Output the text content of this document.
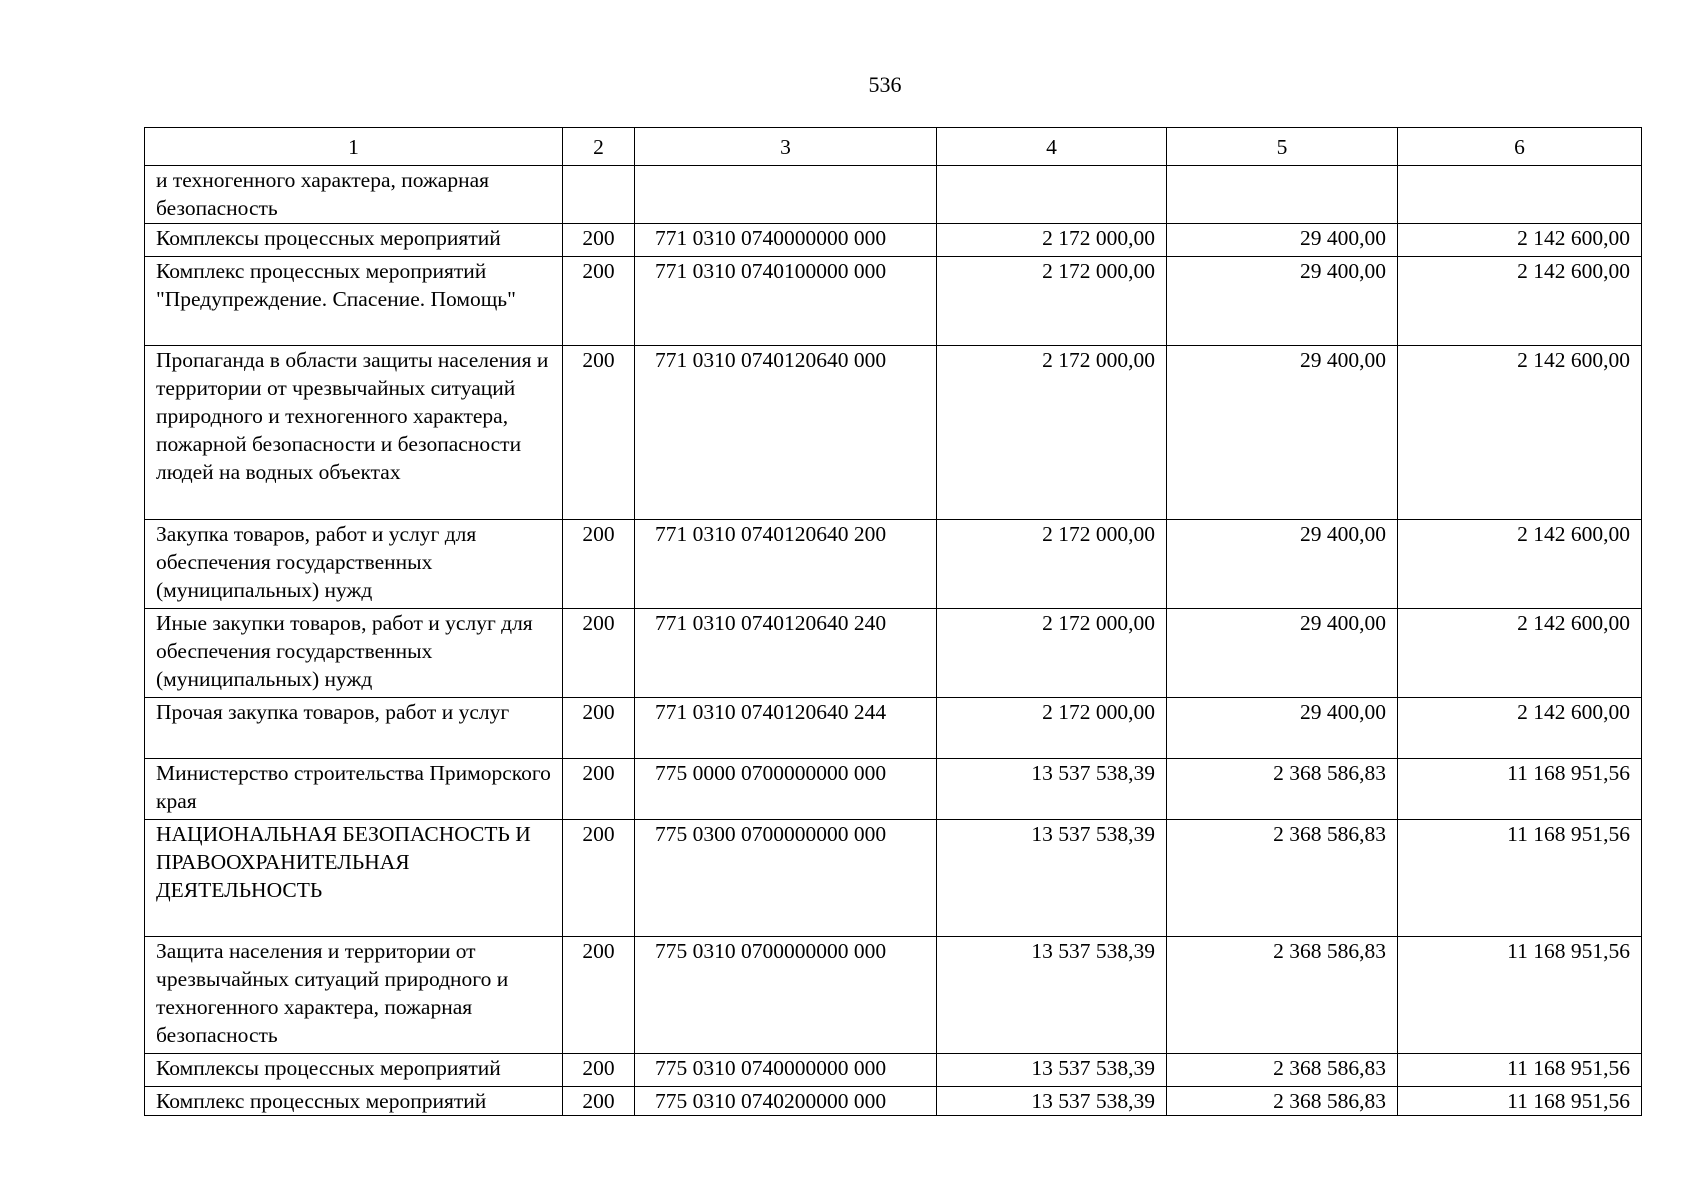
536
1	2	3	4	5	6
и техногенного характера, пожарная безопасность					
Комплексы процессных мероприятий	200	771 0310 0740000000 000	2 172 000,00	29 400,00	2 142 600,00
Комплекс процессных мероприятий "Предупреждение. Спасение. Помощь"	200	771 0310 0740100000 000	2 172 000,00	29 400,00	2 142 600,00
Пропаганда в области защиты населения и территории от чрезвычайных ситуаций природного и техногенного характера, пожарной безопасности и безопасности людей на водных объектах	200	771 0310 0740120640 000	2 172 000,00	29 400,00	2 142 600,00
Закупка товаров, работ и услуг для обеспечения государственных (муниципальных) нужд	200	771 0310 0740120640 200	2 172 000,00	29 400,00	2 142 600,00
Иные закупки товаров, работ и услуг для обеспечения государственных (муниципальных) нужд	200	771 0310 0740120640 240	2 172 000,00	29 400,00	2 142 600,00
Прочая закупка товаров, работ и услуг	200	771 0310 0740120640 244	2 172 000,00	29 400,00	2 142 600,00
Министерство строительства Приморского края	200	775 0000 0700000000 000	13 537 538,39	2 368 586,83	11 168 951,56
НАЦИОНАЛЬНАЯ БЕЗОПАСНОСТЬ И ПРАВООХРАНИТЕЛЬНАЯ ДЕЯТЕЛЬНОСТЬ	200	775 0300 0700000000 000	13 537 538,39	2 368 586,83	11 168 951,56
Защита населения и территории от чрезвычайных ситуаций природного и техногенного характера, пожарная безопасность	200	775 0310 0700000000 000	13 537 538,39	2 368 586,83	11 168 951,56
Комплексы процессных мероприятий	200	775 0310 0740000000 000	13 537 538,39	2 368 586,83	11 168 951,56
Комплекс процессных мероприятий	200	775 0310 0740200000 000	13 537 538,39	2 368 586,83	11 168 951,56
